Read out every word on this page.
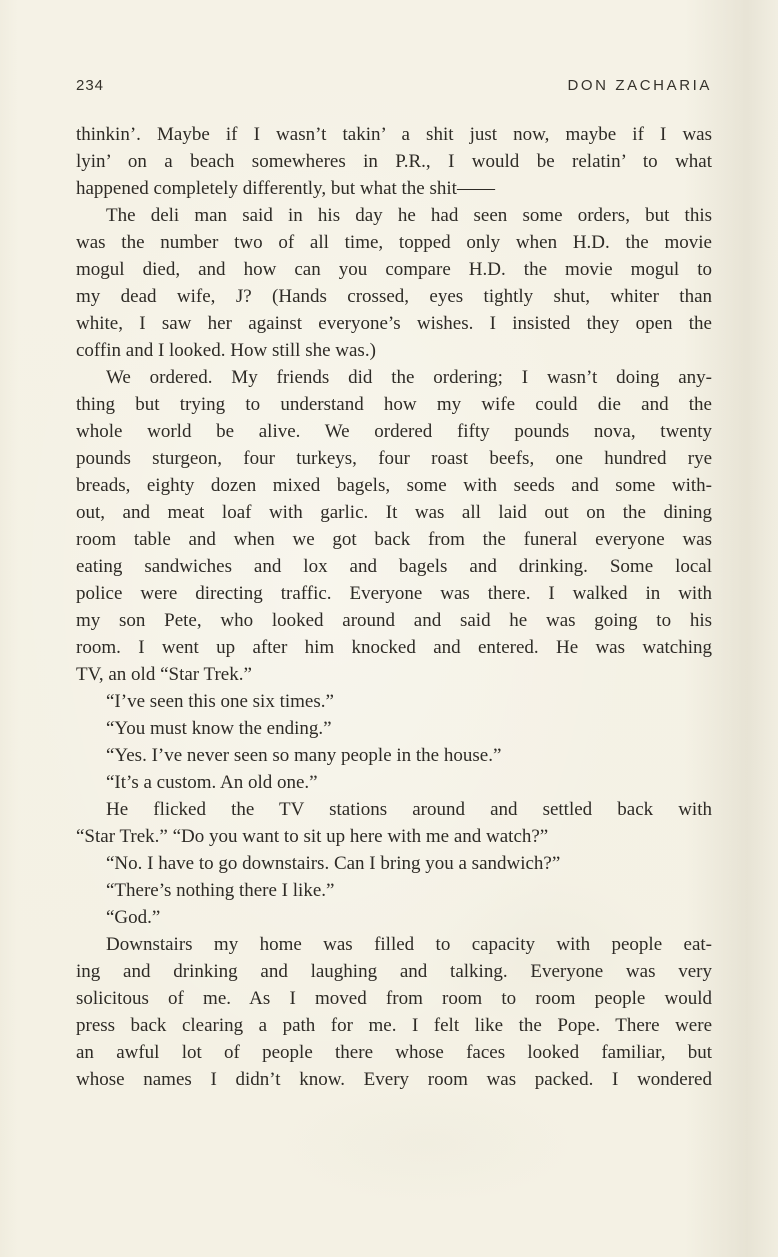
234	DON ZACHARIA
thinkin’. Maybe if I wasn’t takin’ a shit just now, maybe if I was
lyin’ on a beach somewheres in P.R., I would be relatin’ to what
happened completely differently, but what the shit——
The deli man said in his day he had seen some orders, but this
was the number two of all time, topped only when H.D. the movie
mogul died, and how can you compare H.D. the movie mogul to
my dead wife, J? (Hands crossed, eyes tightly shut, whiter than
white, I saw her against everyone’s wishes. I insisted they open the
coffin and I looked. How still she was.)
We ordered. My friends did the ordering; I wasn’t doing any-
thing but trying to understand how my wife could die and the
whole world be alive. We ordered fifty pounds nova, twenty
pounds sturgeon, four turkeys, four roast beefs, one hundred rye
breads, eighty dozen mixed bagels, some with seeds and some with-
out, and meat loaf with garlic. It was all laid out on the dining
room table and when we got back from the funeral everyone was
eating sandwiches and lox and bagels and drinking. Some local
police were directing traffic. Everyone was there. I walked in with
my son Pete, who looked around and said he was going to his
room. I went up after him knocked and entered. He was watching
TV, an old “Star Trek.”
“I’ve seen this one six times.”
“You must know the ending.”
“Yes. I’ve never seen so many people in the house.”
“It’s a custom. An old one.”
He flicked the TV stations around and settled back with
“Star Trek.” “Do you want to sit up here with me and watch?”
“No. I have to go downstairs. Can I bring you a sandwich?”
“There’s nothing there I like.”
“God.”
Downstairs my home was filled to capacity with people eat-
ing and drinking and laughing and talking. Everyone was very
solicitous of me. As I moved from room to room people would
press back clearing a path for me. I felt like the Pope. There were
an awful lot of people there whose faces looked familiar, but
whose names I didn’t know. Every room was packed. I wondered
